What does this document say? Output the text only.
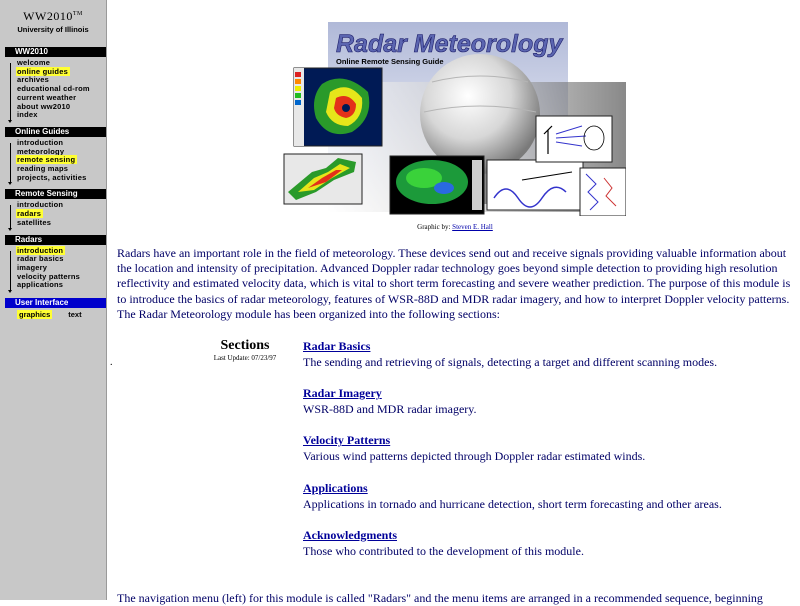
WW2010™
University of Illinois
WW2010
welcome
online guides
archives
educational cd-rom
current weather
about ww2010
index
Online Guides
introduction
meteorology
remote sensing
reading maps
projects, activities
Remote Sensing
introduction
radars
satellites
Radars
introduction
radar basics
imagery
velocity patterns
applications
User Interface
graphics text
Radar Meteorology
Online Remote Sensing Guide
Graphic by: Steven E. Hall

Radars have an important role in the field of meteorology. These devices send out and receive signals providing valuable information about the location and intensity of precipitation. Advanced Doppler radar technology goes beyond simple detection to providing high resolution reflectivity and estimated velocity data, which is vital to short term forecasting and severe weather prediction. The purpose of this module is to introduce the basics of radar meteorology, features of WSR-88D and MDR radar imagery, and how to interpret Doppler velocity patterns. The Radar Meteorology module has been organized into the following sections:

Sections
Last Update: 07/23/97
.
Radar Basics
The sending and retrieving of signals, detecting a target and different scanning modes.
Radar Imagery
WSR-88D and MDR radar imagery.
Velocity Patterns
Various wind patterns depicted through Doppler radar estimated winds.
Applications
Applications in tornado and hurricane detection, short term forecasting and other areas.
Acknowledgments
Those who contributed to the development of this module.
The navigation menu (left) for this module is called "Radars" and the menu items are arranged in a recommended sequence, beginning
